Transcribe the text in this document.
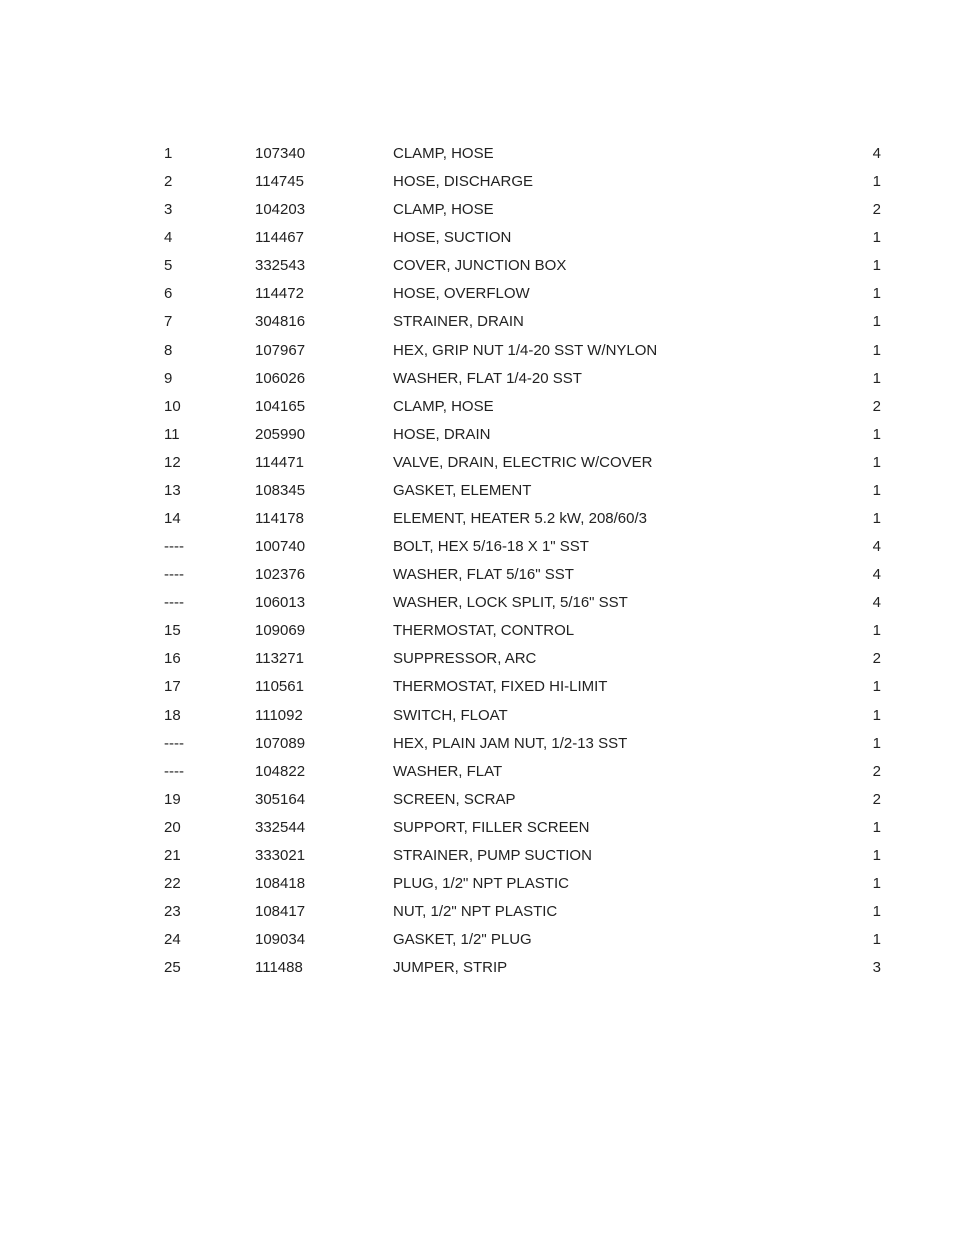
1	107340	CLAMP, HOSE	4
2	114745	HOSE, DISCHARGE	1
3	104203	CLAMP, HOSE	2
4	114467	HOSE, SUCTION	1
5	332543	COVER, JUNCTION BOX	1
6	114472	HOSE, OVERFLOW	1
7	304816	STRAINER, DRAIN	1
8	107967	HEX, GRIP NUT 1/4-20 SST W/NYLON	1
9	106026	WASHER, FLAT 1/4-20 SST	1
10	104165	CLAMP, HOSE	2
11	205990	HOSE, DRAIN	1
12	114471	VALVE, DRAIN, ELECTRIC W/COVER	1
13	108345	GASKET, ELEMENT	1
14	114178	ELEMENT, HEATER 5.2 kW, 208/60/3	1
----	100740	BOLT, HEX 5/16-18 X 1" SST	4
----	102376	WASHER, FLAT 5/16" SST	4
----	106013	WASHER, LOCK SPLIT, 5/16" SST	4
15	109069	THERMOSTAT, CONTROL	1
16	113271	SUPPRESSOR, ARC	2
17	110561	THERMOSTAT, FIXED HI-LIMIT	1
18	111092	SWITCH, FLOAT	1
----	107089	HEX, PLAIN JAM NUT, 1/2-13 SST	1
----	104822	WASHER, FLAT	2
19	305164	SCREEN, SCRAP	2
20	332544	SUPPORT, FILLER SCREEN	1
21	333021	STRAINER, PUMP SUCTION	1
22	108418	PLUG, 1/2" NPT PLASTIC	1
23	108417	NUT, 1/2" NPT PLASTIC	1
24	109034	GASKET, 1/2" PLUG	1
25	111488	JUMPER, STRIP	3
